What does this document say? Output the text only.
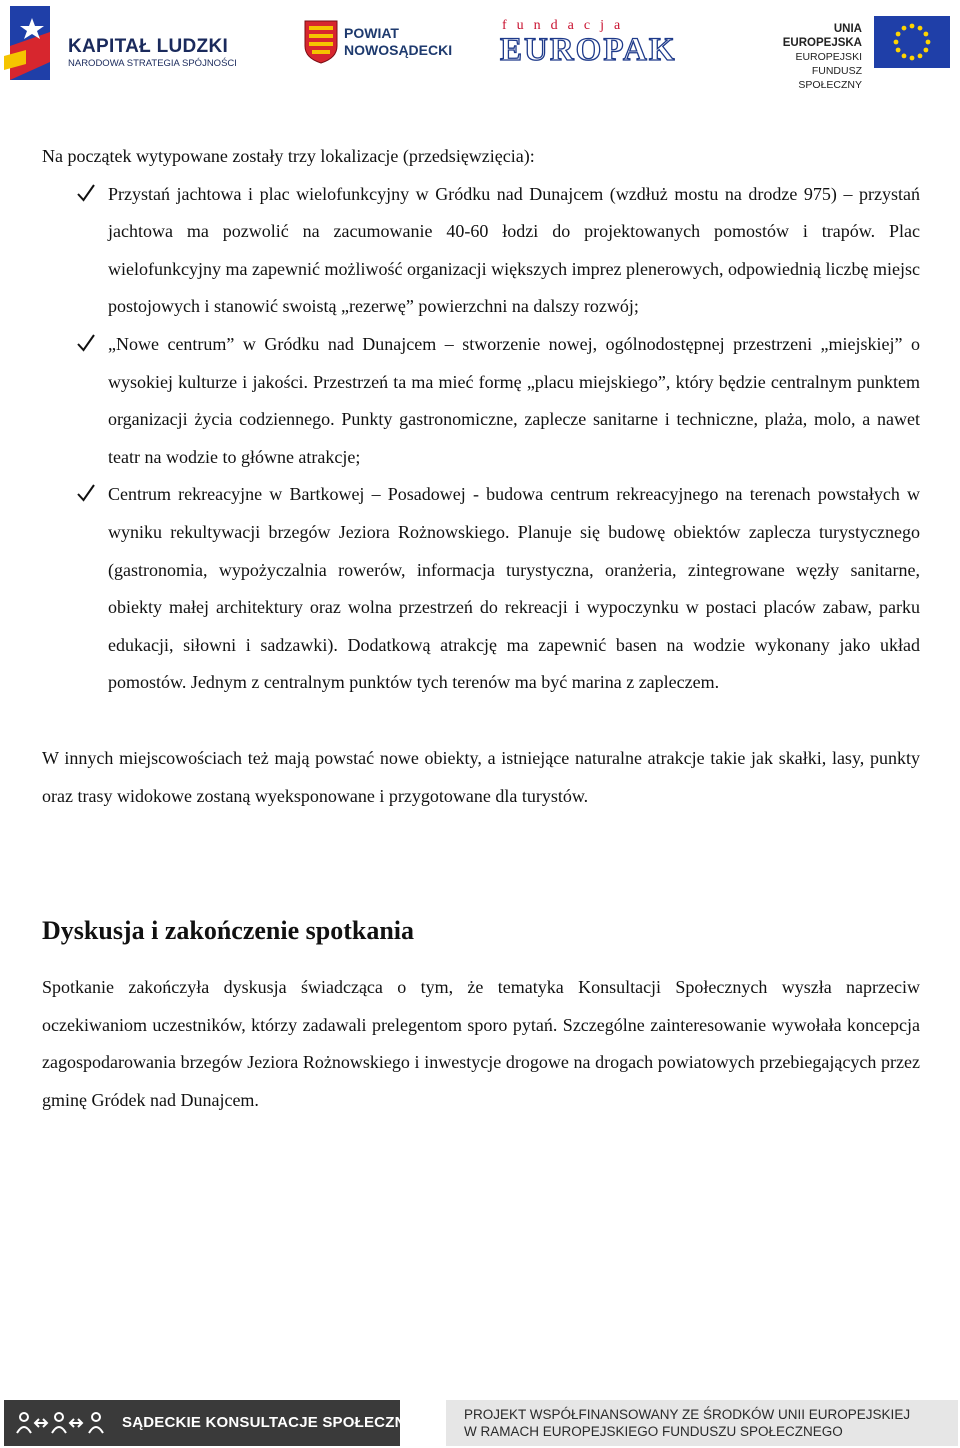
KAPITAŁ LUDZKI
NARODOWA STRATEGIA SPÓJNOŚCI
POWIAT
NOWOSĄDECKI
fundacja
EUROPAK
UNIA EUROPEJSKA
EUROPEJSKI
FUNDUSZ SPOŁECZNY

Na początek wytypowane zostały trzy lokalizacje (przedsięwzięcia):

Przystań jachtowa i plac wielofunkcyjny w Gródku nad Dunajcem (wzdłuż mostu na drodze 975) – przystań jachtowa ma pozwolić na zacumowanie 40-60 łodzi do projektowanych pomostów i trapów. Plac wielofunkcyjny ma zapewnić możliwość organizacji większych imprez plenerowych, odpowiednią liczbę miejsc postojowych i stanowić swoistą „rezerwę” powierzchni na dalszy rozwój;
„Nowe centrum” w Gródku nad Dunajcem – stworzenie nowej, ogólnodostępnej przestrzeni „miejskiej” o wysokiej kulturze i jakości. Przestrzeń ta ma mieć formę „placu miejskiego”, który będzie centralnym punktem organizacji życia codziennego. Punkty gastronomiczne, zaplecze sanitarne i techniczne, plaża, molo, a nawet teatr na wodzie to główne atrakcje;
Centrum rekreacyjne w Bartkowej – Posadowej - budowa centrum rekreacyjnego na terenach powstałych w wyniku rekultywacji brzegów Jeziora Rożnowskiego. Planuje się budowę obiektów zaplecza turystycznego (gastronomia, wypożyczalnia rowerów, informacja turystyczna, oranżeria, zintegrowane węzły sanitarne, obiekty małej architektury oraz wolna przestrzeń do rekreacji i wypoczynku w postaci placów zabaw, parku edukacji, siłowni i sadzawki). Dodatkową atrakcję ma zapewnić basen na wodzie wykonany jako układ pomostów. Jednym z centralnym punktów tych terenów ma być marina z zapleczem.

W innych miejscowościach też mają powstać nowe obiekty, a istniejące naturalne atrakcje takie jak skałki, lasy, punkty oraz trasy widokowe zostaną wyeksponowane i przygotowane dla turystów.

Dyskusja i zakończenie spotkania

Spotkanie zakończyła dyskusja świadcząca o tym, że tematyka Konsultacji Społecznych wyszła naprzeciw oczekiwaniom uczestników, którzy zadawali prelegentom sporo pytań. Szczególne zainteresowanie wywołała koncepcja zagospodarowania brzegów Jeziora Rożnowskiego i inwestycje drogowe na drogach powiatowych przebiegających przez gminę Gródek nad Dunajcem.

SĄDECKIE KONSULTACJE SPOŁECZNE	PROJEKT WSPÓŁFINANSOWANY ZE ŚRODKÓW UNII EUROPEJSKIEJ
W RAMACH EUROPEJSKIEGO FUNDUSZU SPOŁECZNEGO
